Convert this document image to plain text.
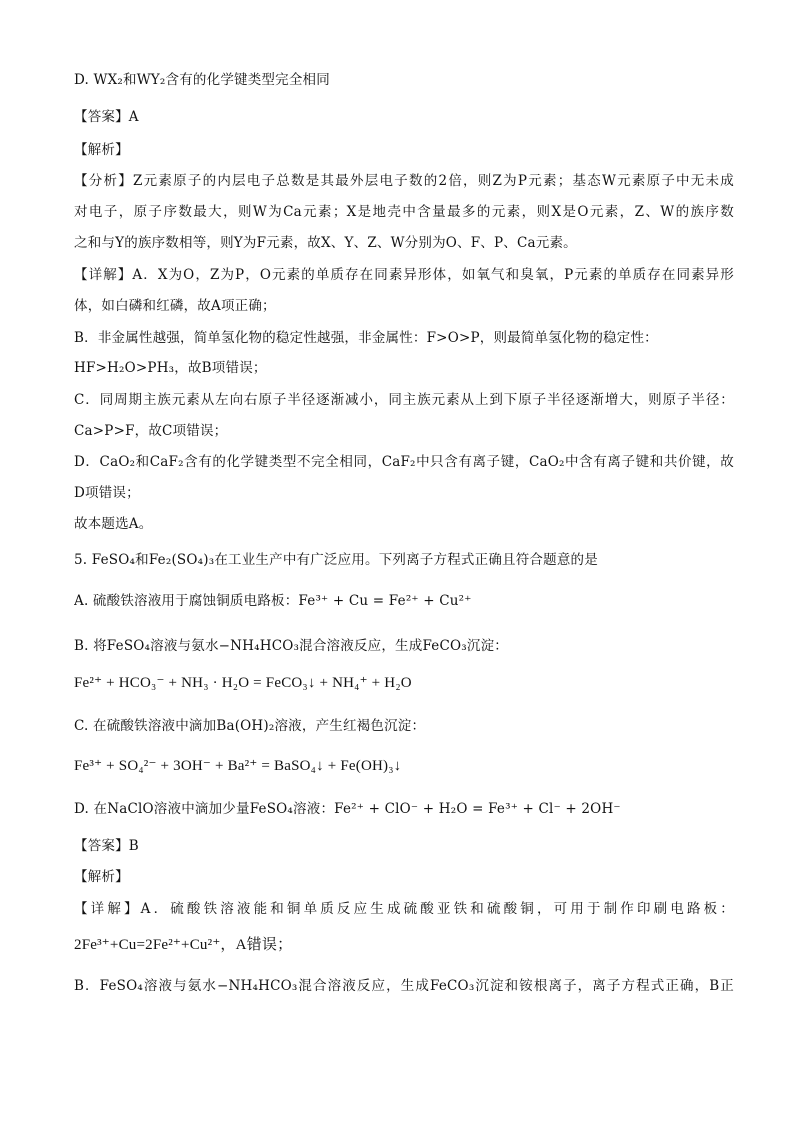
D. WX₂和WY₂含有的化学键类型完全相同
【答案】A
【解析】
【分析】Z元素原子的内层电子总数是其最外层电子数的2倍，则Z为P元素；基态W元素原子中无未成
对电子，原子序数最大，则W为Ca元素；X是地壳中含量最多的元素，则X是O元素，Z、W的族序数
之和与Y的族序数相等，则Y为F元素，故X、Y、Z、W分别为O、F、P、Ca元素。
【详解】A．X为O，Z为P，O元素的单质存在同素异形体，如氧气和臭氧，P元素的单质存在同素异形
体，如白磷和红磷，故A项正确；
B．非金属性越强，简单氢化物的稳定性越强，非金属性：F>O>P，则最简单氢化物的稳定性：
HF>H₂O>PH₃，故B项错误；
C．同周期主族元素从左向右原子半径逐渐减小，同主族元素从上到下原子半径逐渐增大，则原子半径：
Ca>P>F，故C项错误；
D．CaO₂和CaF₂含有的化学键类型不完全相同，CaF₂中只含有离子键，CaO₂中含有离子键和共价键，故
D项错误；
故本题选A。
5. FeSO₄和Fe₂(SO₄)₃在工业生产中有广泛应用。下列离子方程式正确且符合题意的是
A. 硫酸铁溶液用于腐蚀铜质电路板：Fe³⁺ + Cu = Fe²⁺ + Cu²⁺
B. 将FeSO₄溶液与氨水−NH₄HCO₃混合溶液反应，生成FeCO₃沉淀：
Fe²⁺ + HCO₃⁻ + NH₃ · H₂O = FeCO₃↓ + NH₄⁺ + H₂O
C. 在硫酸铁溶液中滴加Ba(OH)₂溶液，产生红褐色沉淀：
Fe³⁺ + SO₄²⁻ + 3OH⁻ + Ba²⁺ = BaSO₄↓ + Fe(OH)₃↓
D. 在NaClO溶液中滴加少量FeSO₄溶液：Fe²⁺ + ClO⁻ + H₂O = Fe³⁺ + Cl⁻ + 2OH⁻
【答案】B
【解析】
【详解】A．硫酸铁溶液能和铜单质反应生成硫酸亚铁和硫酸铜，可用于制作印刷电路板：
2Fe³⁺+Cu=2Fe²⁺+Cu²⁺，A错误；
B．FeSO₄溶液与氨水−NH₄HCO₃混合溶液反应，生成FeCO₃沉淀和铵根离子，离子方程式正确，B正
